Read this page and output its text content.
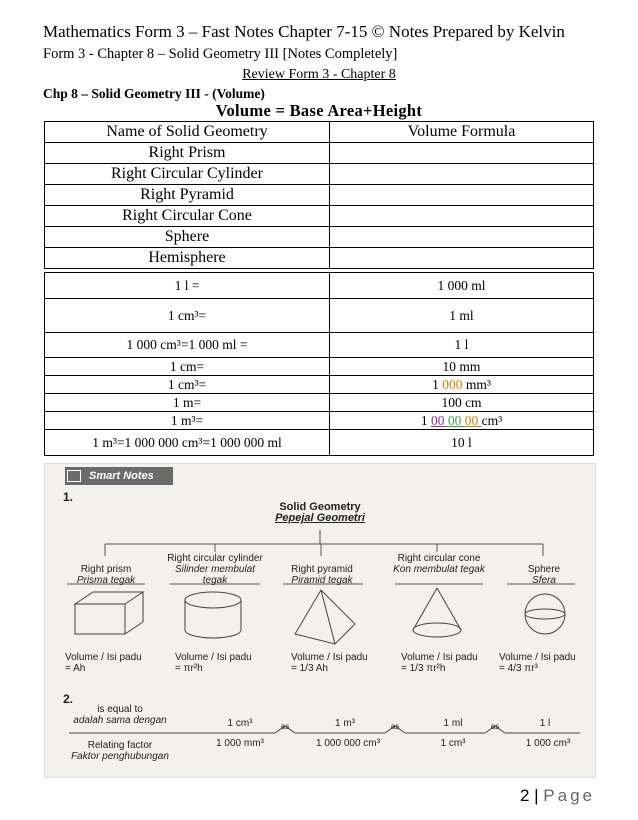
Mathematics Form 3 – Fast Notes Chapter 7-15 © Notes Prepared by Kelvin
Form 3 - Chapter 8 – Solid Geometry III [Notes Completely]
Review Form 3 - Chapter 8
Chp 8 – Solid Geometry III - (Volume)
Volume = Base Area+Height
Name of Solid Geometry	Volume Formula
Right Prism	
Right Circular Cylinder	
Right Pyramid	
Right Circular Cone	
Sphere	
Hemisphere	
1 l =	1 000 ml
1 cm³=	1 ml
1 000 cm³=1 000 ml =	1 l
1 cm=	10 mm
1 cm³=	1 000 mm³
1 m=	100 cm
1 m³=	1 00 00 00 cm³
1 m³=1 000 000 cm³=1 000 000 ml	10 l
Smart Notes
1.
Solid Geometry
Pepejal Geometri
Right prism
Prisma tegak
Right circular cylinder
Silinder membulat tegak
Right pyramid
Piramid tegak
Right circular cone
Kon membulat tegak	Sphere
Sfera
Volume / Isi padu
= Ah
Volume / Isi padu
= πr²h
Volume / Isi padu
= 1/3 Ah
Volume / Isi padu
= 1/3 πr²h
Volume / Isi padu
= 4/3 πr³
2.
is equal to
adalah sama dengan
Relating factor
Faktor penghubungan
1 cm³	1 m³	1 ml	1 l
1 000 mm³	1 000 000 cm³	1 cm³	1 000 cm³
as	as	as
2 | Page
